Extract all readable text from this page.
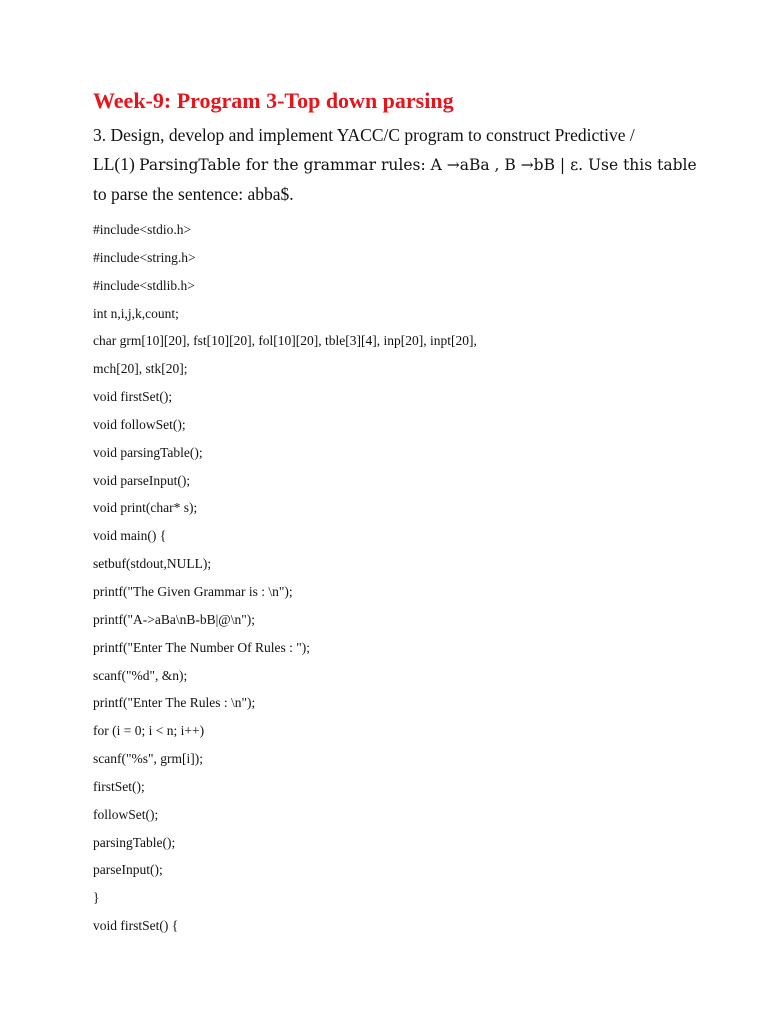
Week-9: Program 3-Top down parsing
3. Design, develop and implement YACC/C program to construct Predictive /
LL(1) ParsingTable for the grammar rules: A →aBa , B →bB | ε. Use this table
to parse the sentence: abba$.
#include<stdio.h>
#include<string.h>
#include<stdlib.h>
int n,i,j,k,count;
char grm[10][20], fst[10][20], fol[10][20], tble[3][4], inp[20], inpt[20],
mch[20], stk[20];
void firstSet();
void followSet();
void parsingTable();
void parseInput();
void print(char* s);
void main() {
setbuf(stdout,NULL);
printf("The Given Grammar is : \n");
printf("A->aBa\nB-bB|@\n");
printf("Enter The Number Of Rules : ");
scanf("%d", &n);
printf("Enter The Rules : \n");
for (i = 0; i < n; i++)
scanf("%s", grm[i]);
firstSet();
followSet();
parsingTable();
parseInput();
}
void firstSet() {
